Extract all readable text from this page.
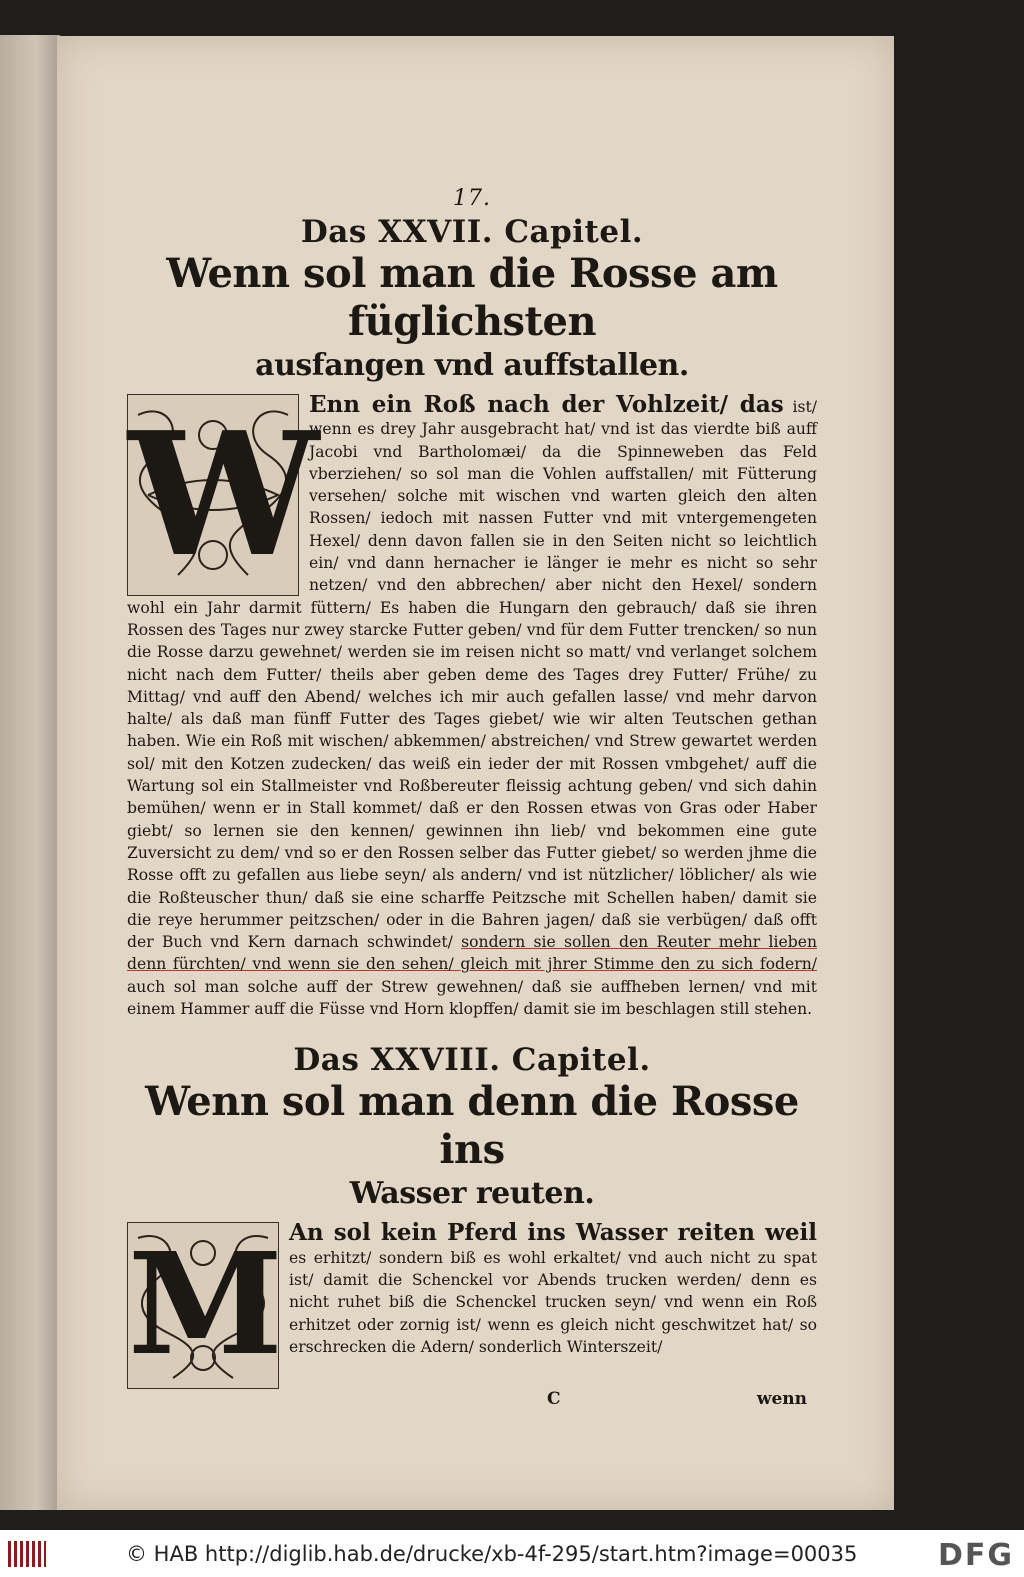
17.
Das XXVII. Capitel.
Wenn sol man die Rosse am füglichsten
ausfangen vnd auffstallen.
W

Enn ein Roß nach der Vohlzeit/ das ist/ wenn es drey Jahr ausgebracht hat/ vnd ist das vierdte biß auff Jacobi vnd Bartholomæi/ da die Spinneweben das Feld vberziehen/ so sol man die Vohlen auffstallen/ mit Fütterung versehen/ solche mit wischen vnd warten gleich den alten Rossen/ iedoch mit nassen Futter vnd mit vntergemengeten Hexel/ denn davon fallen sie in den Seiten nicht so leichtlich ein/ vnd dann hernacher ie länger ie mehr es nicht so sehr netzen/ vnd den abbrechen/ aber nicht den Hexel/ sondern wohl ein Jahr darmit füttern/ Es haben die Hungarn den gebrauch/ daß sie ihren Rossen des Tages nur zwey starcke Futter geben/ vnd für dem Futter trencken/ so nun die Rosse darzu gewehnet/ werden sie im reisen nicht so matt/ vnd verlanget solchem nicht nach dem Futter/ theils aber geben deme des Tages drey Futter/ Frühe/ zu Mittag/ vnd auff den Abend/ welches ich mir auch gefallen lasse/ vnd mehr darvon halte/ als daß man fünff Futter des Tages giebet/ wie wir alten Teutschen gethan haben. Wie ein Roß mit wischen/ abkemmen/ abstreichen/ vnd Strew gewartet werden sol/ mit den Kotzen zudecken/ das weiß ein ieder der mit Rossen vmbgehet/ auff die Wartung sol ein Stallmeister vnd Roßbereuter fleissig achtung geben/ vnd sich dahin bemühen/ wenn er in Stall kommet/ daß er den Rossen etwas von Gras oder Haber giebt/ so lernen sie den kennen/ gewinnen ihn lieb/ vnd bekommen eine gute Zuversicht zu dem/ vnd so er den Rossen selber das Futter giebet/ so werden jhme die Rosse offt zu gefallen aus liebe seyn/ als andern/ vnd ist nützlicher/ löblicher/ als wie die Roßteuscher thun/ daß sie eine scharffe Peitzsche mit Schellen haben/ damit sie die reye herummer peitzschen/ oder in die Bahren jagen/ daß sie verbügen/ daß offt der Buch vnd Kern darnach schwindet/ sondern sie sollen den Reuter mehr lieben denn fürchten/ vnd wenn sie den sehen/ gleich mit jhrer Stimme den zu sich fodern/ auch sol man solche auff der Strew gewehnen/ daß sie auffheben lernen/ vnd mit einem Hammer auff die Füsse vnd Horn klopffen/ damit sie im beschlagen still stehen.

Das XXVIII. Capitel.
Wenn sol man denn die Rosse ins
Wasser reuten.
M An sol kein Pferd ins Wasser reiten weil es erhitzt/ sondern biß es wohl erkaltet/ vnd auch nicht zu spat ist/ damit die Schenckel vor Abends trucken werden/ denn es nicht ruhet biß die Schenckel trucken seyn/ vnd wenn ein Roß erhitzet oder zornig ist/ wenn es gleich nicht geschwitzet hat/ so erschrecken die Adern/ sonderlich Winterszeit/

C	wenn
© HAB http://diglib.hab.de/drucke/xb-4f-295/start.htm?image=00035	DFG
